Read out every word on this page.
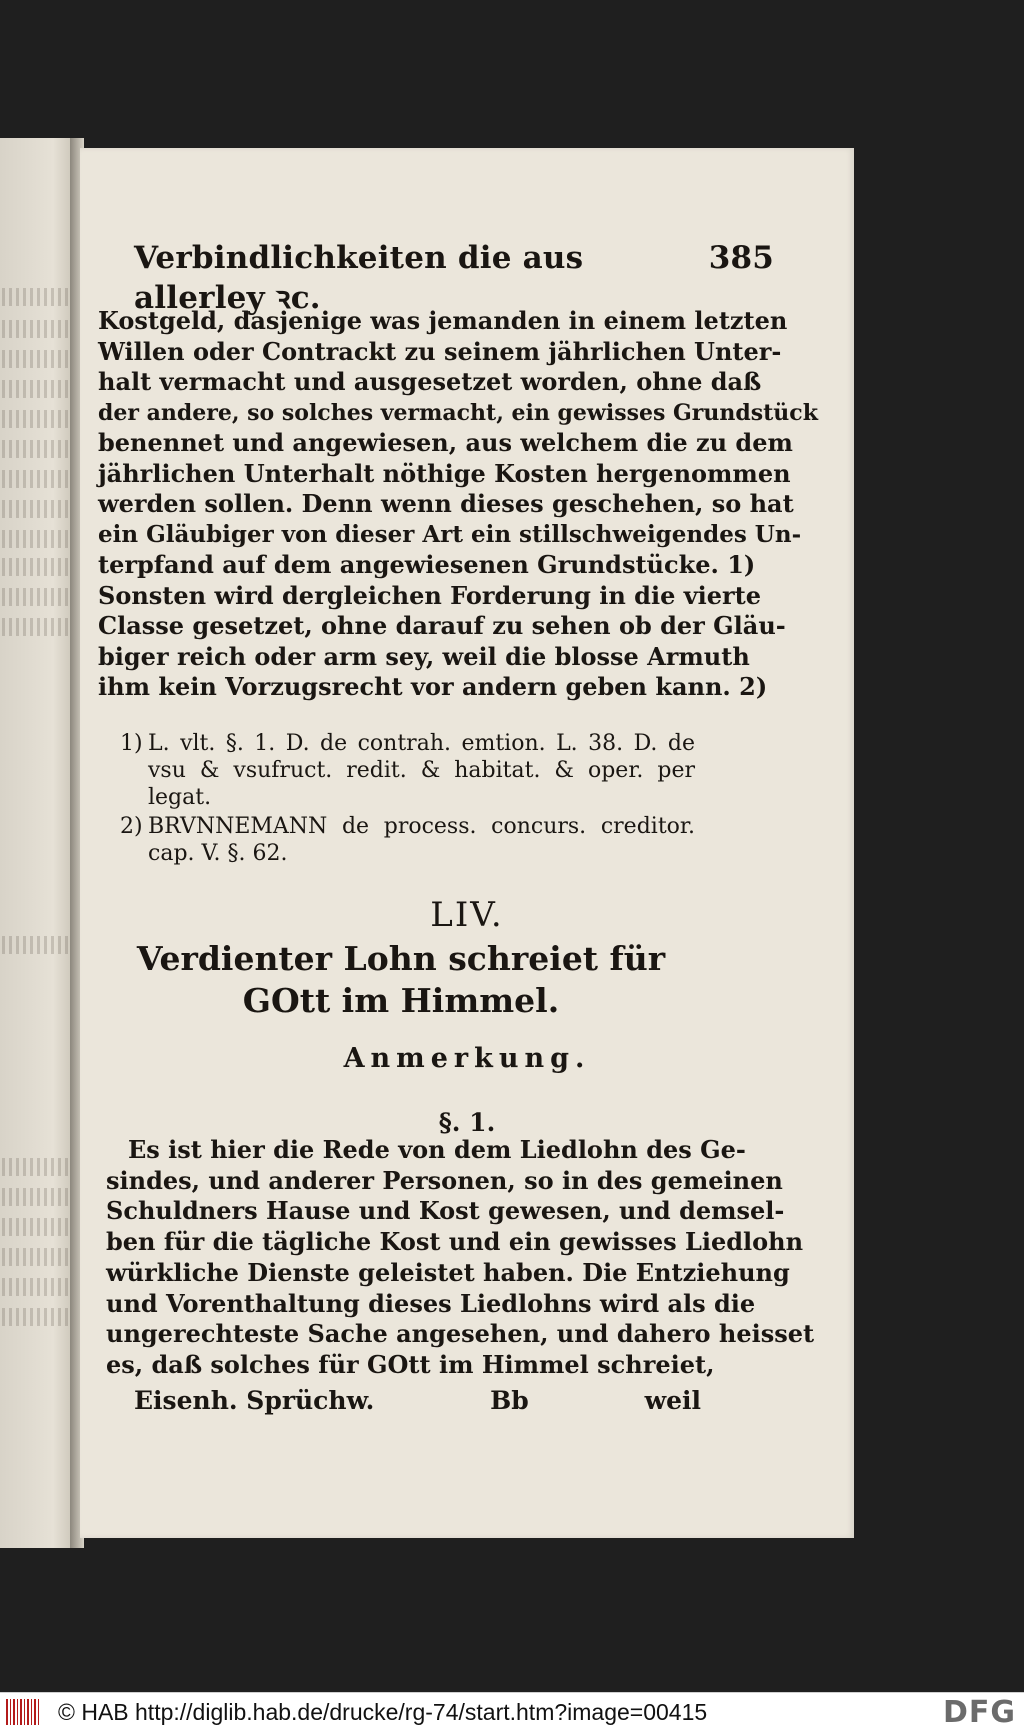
Verbindlichkeiten die aus allerley ꝛc.
385
Kostgeld, dasjenige was jemanden in einem letzten
Willen oder Contrackt zu seinem jährlichen Unter-
halt vermacht und ausgesetzet worden, ohne daß
der andere, so solches vermacht, ein gewisses Grundstück
benennet und angewiesen, aus welchem die zu dem
jährlichen Unterhalt nöthige Kosten hergenommen
werden sollen. Denn wenn dieses geschehen, so hat
ein Gläubiger von dieser Art ein stillschweigendes Un-
terpfand auf dem angewiesenen Grundstücke. 1)
Sonsten wird dergleichen Forderung in die vierte
Classe gesetzet, ohne darauf zu sehen ob der Gläu-
biger reich oder arm sey, weil die blosse Armuth
ihm kein Vorzugsrecht vor andern geben kann. 2)
1) L. vlt. §. 1. D. de contrah. emtion. L. 38. D. de vsu & vsufruct. redit. & habitat. & oper. per legat.
2) BRVNNEMANN de process. concurs. creditor. cap. V. §. 62.
LIV.
Verdienter Lohn schreiet für GOtt im Himmel.
Anmerkung.
§. 1.
Es ist hier die Rede von dem Liedlohn des Ge-
sindes, und anderer Personen, so in des gemeinen
Schuldners Hause und Kost gewesen, und demsel-
ben für die tägliche Kost und ein gewisses Liedlohn
würkliche Dienste geleistet haben. Die Entziehung
und Vorenthaltung dieses Liedlohns wird als die
ungerechteste Sache angesehen, und dahero heisset
es, daß solches für GOtt im Himmel schreiet,
Eisenh. Sprüchw.	Bb	weil
© HAB http://diglib.hab.de/drucke/rg-74/start.htm?image=00415	DFG
